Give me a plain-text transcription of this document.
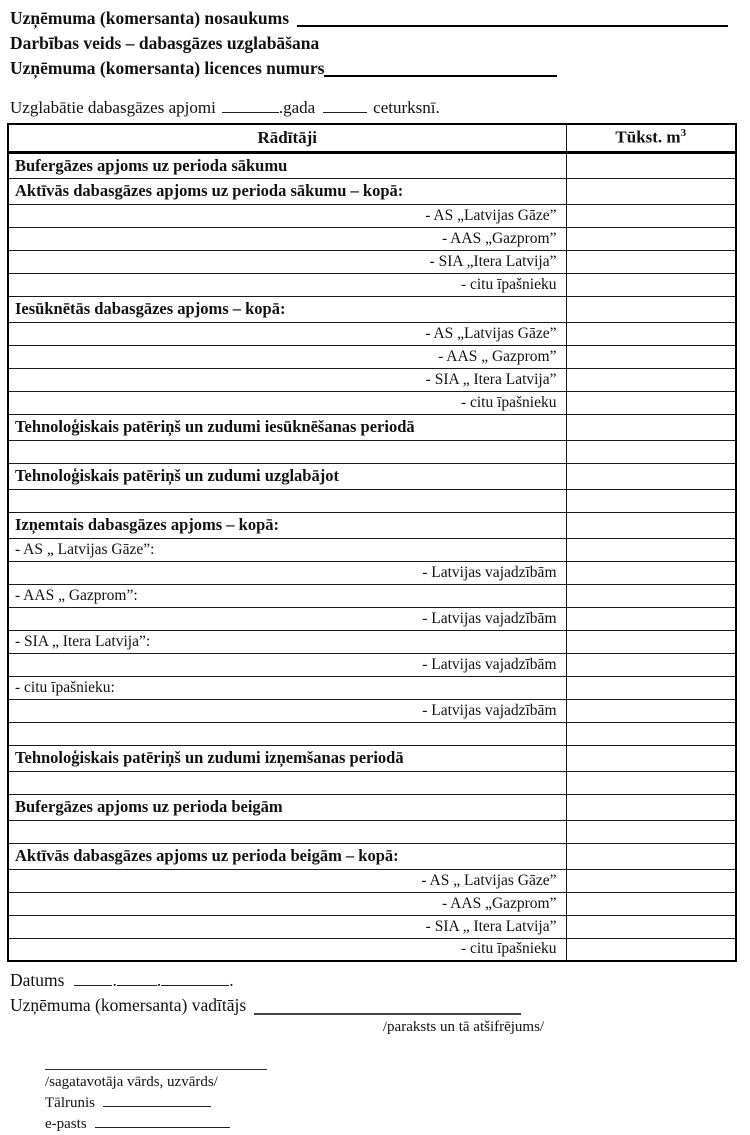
Uzņēmuma (komersanta) nosaukums
Darbības veids – dabasgāzes uzglabāšana
Uzņēmuma (komersanta) licences numurs
Uzglabātie dabasgāzes apjomi	.gada	ceturksnī.
Rādītāji	Tūkst. $m^3$
Bufergāzes apjoms uz perioda sākumu	
Aktīvās dabasgāzes apjoms uz perioda sākumu – kopā:	
- AS „Latvijas Gāze”	
- AAS „Gazprom”	
- SIA „Itera Latvija”	
- citu īpašnieku	
Iesūknētās dabasgāzes apjoms – kopā:	
- AS „Latvijas Gāze”	
- AAS „ Gazprom”	
- SIA „ Itera Latvija”	
- citu īpašnieku	
Tehnoloģiskais patēriņš un zudumi iesūknēšanas periodā	

Tehnoloģiskais patēriņš un zudumi uzglabājot	

Izņemtais dabasgāzes apjoms – kopā:	
- AS „ Latvijas Gāze”:	
- Latvijas vajadzībām	
- AAS „ Gazprom”:	
- Latvijas vajadzībām	
- SIA „ Itera Latvija”:	
- Latvijas vajadzībām	
- citu īpašnieku:	
- Latvijas vajadzībām	

Tehnoloģiskais patēriņš un zudumi izņemšanas periodā	

Bufergāzes apjoms uz perioda beigām	

Aktīvās dabasgāzes apjoms uz perioda beigām – kopā:	
- AS „ Latvijas Gāze”	
- AAS „Gazprom”	
- SIA „ Itera Latvija”	
- citu īpašnieku	
Datums	. .	.
Uzņēmuma (komersanta) vadītājs
/paraksts un tā atšifrējums/
/sagatavotāja vārds, uzvārds/
Tālrunis
e-pasts
